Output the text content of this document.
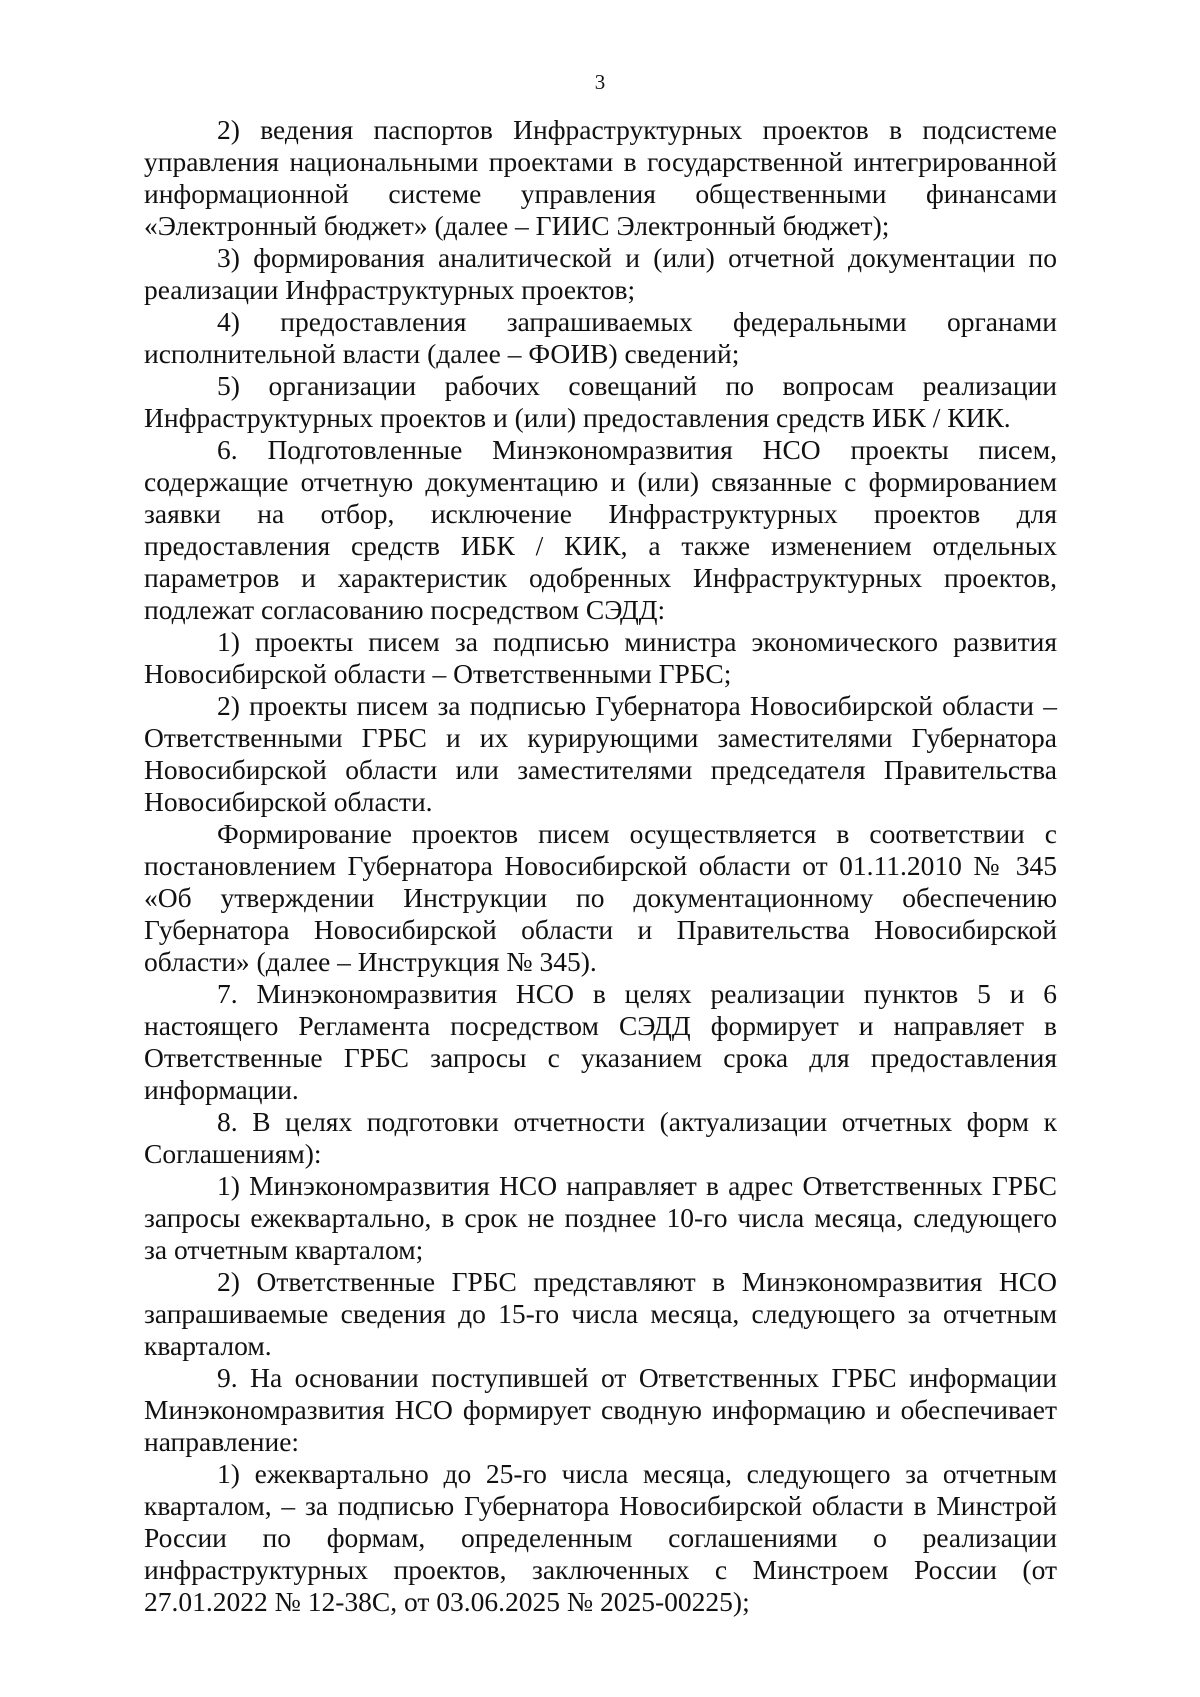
3

2) ведения паспортов Инфраструктурных проектов в подсистеме управления национальными проектами в государственной интегрированной информационной системе управления общественными финансами «Электронный бюджет» (далее – ГИИС Электронный бюджет);

3) формирования аналитической и (или) отчетной документации по реализации Инфраструктурных проектов;

4) предоставления запрашиваемых федеральными органами исполнительной власти (далее – ФОИВ) сведений;

5) организации рабочих совещаний по вопросам реализации Инфраструктурных проектов и (или) предоставления средств ИБК / КИК.

6. Подготовленные Минэкономразвития НСО проекты писем, содержащие отчетную документацию и (или) связанные с формированием заявки на отбор, исключение Инфраструктурных проектов для предоставления средств ИБК / КИК, а также изменением отдельных параметров и характеристик одобренных Инфраструктурных проектов, подлежат согласованию посредством СЭДД:

1) проекты писем за подписью министра экономического развития Новосибирской области – Ответственными ГРБС;

2) проекты писем за подписью Губернатора Новосибирской области – Ответственными ГРБС и их курирующими заместителями Губернатора Новосибирской области или заместителями председателя Правительства Новосибирской области.

Формирование проектов писем осуществляется в соответствии с постановлением Губернатора Новосибирской области от 01.11.2010 № 345 «Об утверждении Инструкции по документационному обеспечению Губернатора Новосибирской области и Правительства Новосибирской области» (далее – Инструкция № 345).

7. Минэкономразвития НСО в целях реализации пунктов 5 и 6 настоящего Регламента посредством СЭДД формирует и направляет в Ответственные ГРБС запросы с указанием срока для предоставления информации.

8. В целях подготовки отчетности (актуализации отчетных форм к Соглашениям):

1) Минэкономразвития НСО направляет в адрес Ответственных ГРБС запросы ежеквартально, в срок не позднее 10-го числа месяца, следующего за отчетным кварталом;

2) Ответственные ГРБС представляют в Минэкономразвития НСО запрашиваемые сведения до 15-го числа месяца, следующего за отчетным кварталом.

9. На основании поступившей от Ответственных ГРБС информации Минэкономразвития НСО формирует сводную информацию и обеспечивает направление:

1) ежеквартально до 25-го числа месяца, следующего за отчетным кварталом, – за подписью Губернатора Новосибирской области в Минстрой России по формам, определенным соглашениями о реализации инфраструктурных проектов, заключенных с Минстроем России (от 27.01.2022 № 12-38С, от 03.06.2025 № 2025-00225);
